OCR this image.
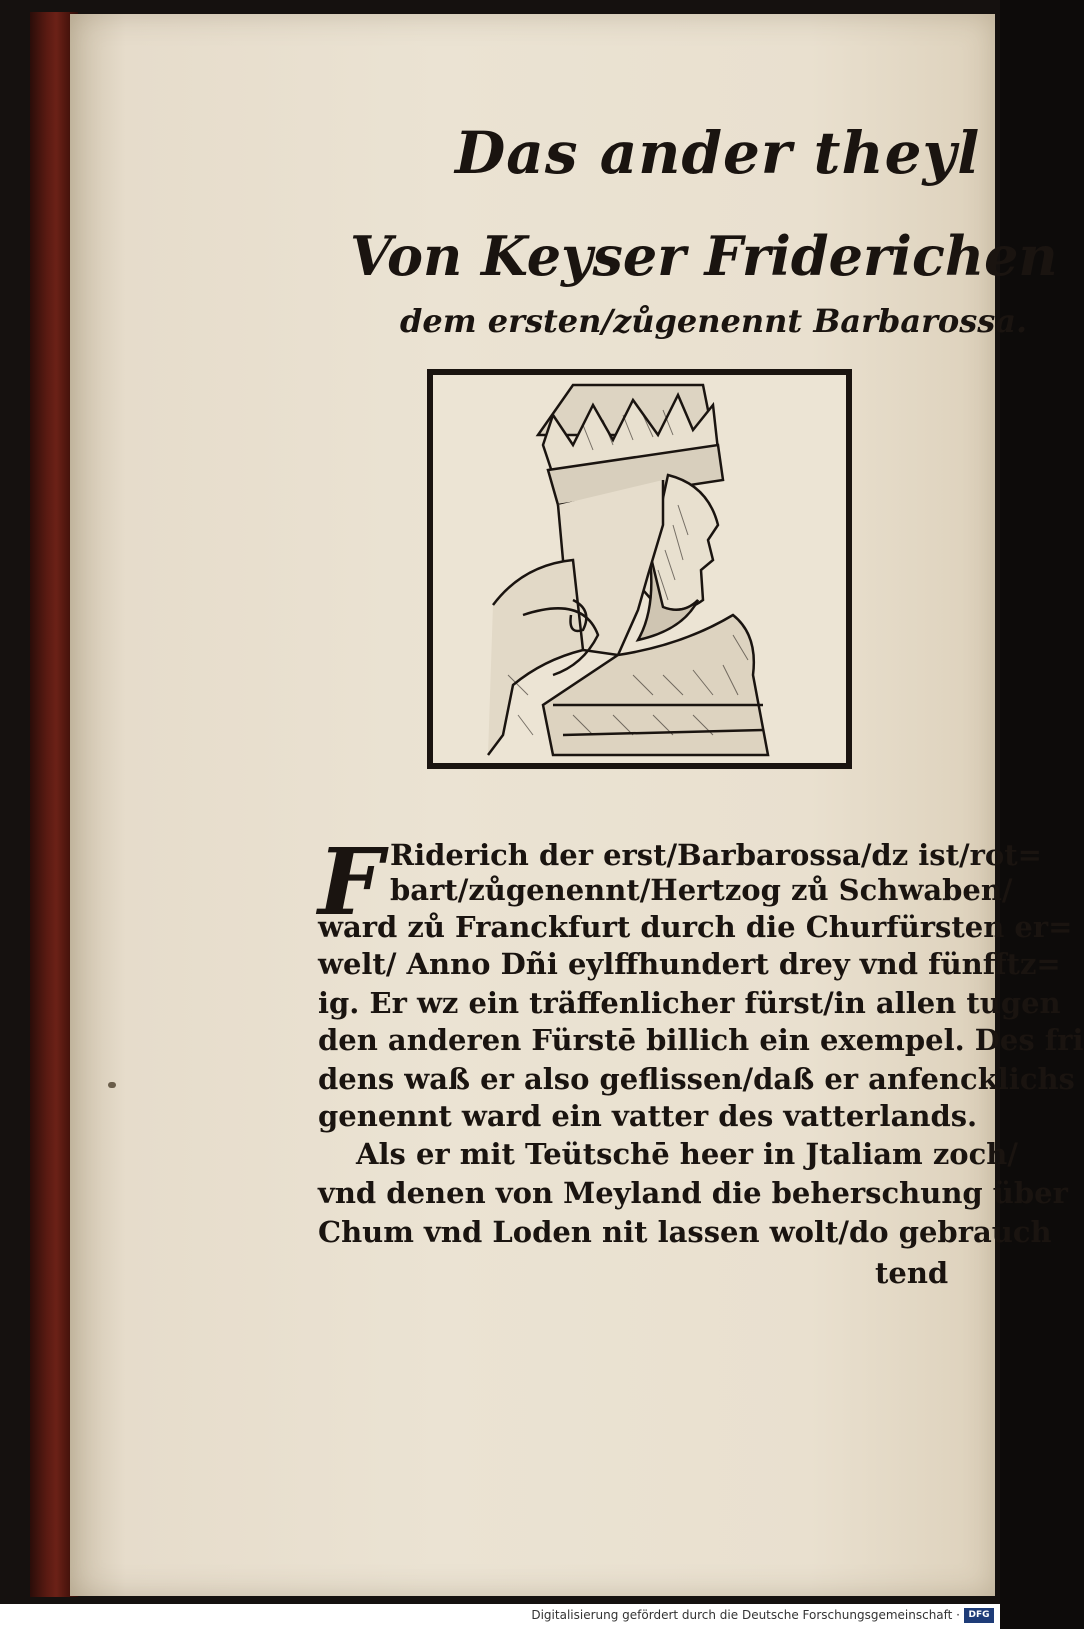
Das ander theyl
Von Keyser Friderichen
dem ersten/zůgenennt Barbarossa.
F Riderich der erst/Barbarossa/dz ist/rot=
bart/zůgenennt/Hertzog zů Schwaben/
ward zů Franckfurt durch die Churfürsten er=
welt/ Anno Dñi eylffhundert drey vnd fünfftz=
ig. Er wz ein träffenlicher fürst/in allen tugen
den anderen Fürstē billich ein exempel. Des fri
dens waß er also geflissen/daß er anfencklichs
genennt ward ein vatter des vatterlands.
Als er mit Teütschē heer in Jtaliam zoch/
vnd denen von Meyland die beherschung über
Chum vnd Loden nit lassen wolt/do gebrauch
tend
Digitalisierung gefördert durch die Deutsche Forschungsgemeinschaft · DFG
